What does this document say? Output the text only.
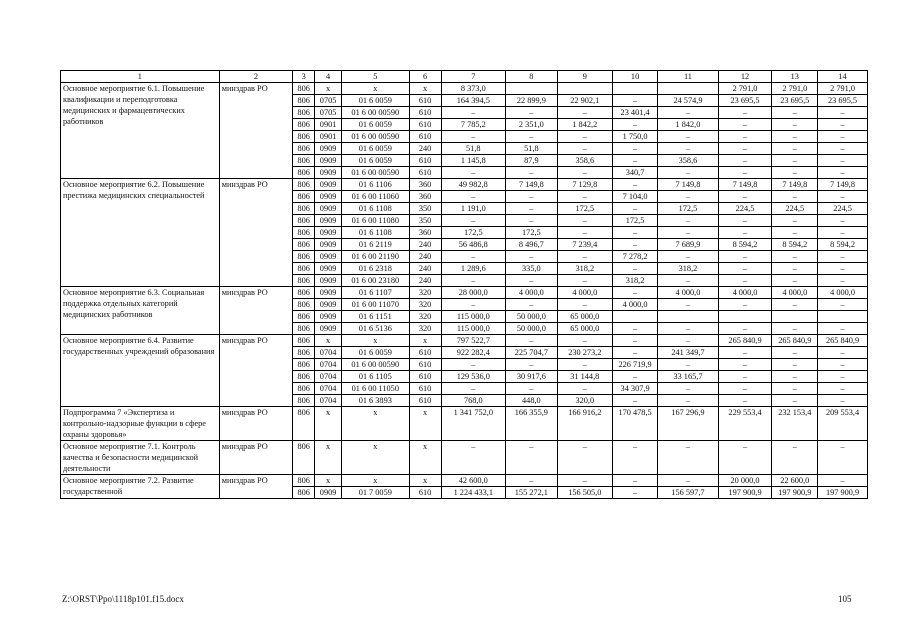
1	2	3	4	5	6	7	8	9	10	11	12	13	14
Основное мероприятие 6.1. Повышение квалификации и переподготовка медицинских и фармацевтических работников	минздрав РО	806	х	х	х	8 373,0					2 791,0	2 791,0	2 791,0
		806	0705	01 6 0059	610	164 394,5	22 899,9	22 902,1	–	24 574,9	23 695,5	23 695,5	23 695,5
		806	0705	01 6 00 00590	610	–	–	–	23 401,4	–	–	–	–
		806	0901	01 6 0059	610	7 785,2	2 351,0	1 842,2	–	1 842,0	–	–	–
		806	0901	01 6 00 00590	610	–	–	–	1 750,0	–	–	–	–
		806	0909	01 6 0059	240	51,8	51,8	–	–	–	–	–	–
		806	0909	01 6 0059	610	1 145,8	87,9	358,6	–	358,6	–	–	–
		806	0909	01 6 00 00590	610	–	–	–	340,7	–	–	–	–
Основное мероприятие 6.2. Повышение престижа медицинских специальностей	минздрав РО	806	0909	01 6 1106	360	49 982,8	7 149,8	7 129,8	–	7 149,8	7 149,8	7 149,8	7 149,8
		806	0909	01 6 00 11060	360	–	–	–	7 104,0	–	–	–	–
		806	0909	01 6 1108	350	1 191,0	–	172,5	–	172,5	224,5	224,5	224,5
		806	0909	01 6 00 11080	350	–	–	–	172,5	–	–	–	–
		806	0909	01 6 1108	360	172,5	172,5	–	–	–	–	–	–
		806	0909	01 6 2119	240	56 486,8	8 496,7	7 239,4	–	7 689,9	8 594,2	8 594,2	8 594,2
		806	0909	01 6 00 21190	240	–	–	–	7 278,2	–	–	–	–
		806	0909	01 6 2318	240	1 289,6	335,0	318,2	–	318,2	–	–	–
		806	0909	01 6 00 23180	240	–	–	–	318,2	–	–	–	–
Основное мероприятие 6.3. Социальная поддержка отдельных категорий медицинских работников	минздрав РО	806	0909	01 6 1107	320	28 000,0	4 000,0	4 000,0	–	4 000,0	4 000,0	4 000,0	4 000,0
		806	0909	01 6 00 11070	320	–	–	–	4 000,0	–	–	–	–
		806	0909	01 6 1151	320	115 000,0	50 000,0	65 000,0					
		806	0909	01 6 5136	320	115 000,0	50 000,0	65 000,0	–	–	–	–	–
Основное мероприятие 6.4. Развитие государственных учреждений образования	минздрав РО	806	х	х	х	797 522,7	–	–	–	–	265 840,9	265 840,9	265 840,9
		806	0704	01 6 0059	610	922 282,4	225 704,7	230 273,2	–	241 349,7	–	–	–
		806	0704	01 6 00 00590	610	–	–	–	226 719,9	–	–	–	–
		806	0704	01 6 1105	610	129 536,0	30 917,6	31 144,8	–	33 165,7	–	–	–
		806	0704	01 6 00 11050	610	–	–	–	34 307,9	–	–	–	–
		806	0704	01 6 3893	610	768,0	448,0	320,0	–	–	–	–	–
Подпрограмма 7 «Экспертиза и контрольно-надзорные функции в сфере охраны здоровья»	минздрав РО	806	х	х	х	1 341 752,0	166 355,9	166 916,2	170 478,5	167 296,9	229 553,4	232 153,4	209 553,4
Основное мероприятие 7.1. Контроль качества и безопасности медицинской деятельности	минздрав РО	806	х	х	х	–	–	–	–	–	–	–	–
Основное мероприятие 7.2. Развитие государственной	минздрав РО	806	х	х	х	42 600,0	–	–	–	–	20 000,0	22 600,0	–
		806	0909	01 7 0059	610	1 224 433,1	155 272,1	156 505,0	–	156 597,7	197 900,9	197 900,9	197 900,9
Z:\ORST\Ppo\1118p101.f15.docx	105
